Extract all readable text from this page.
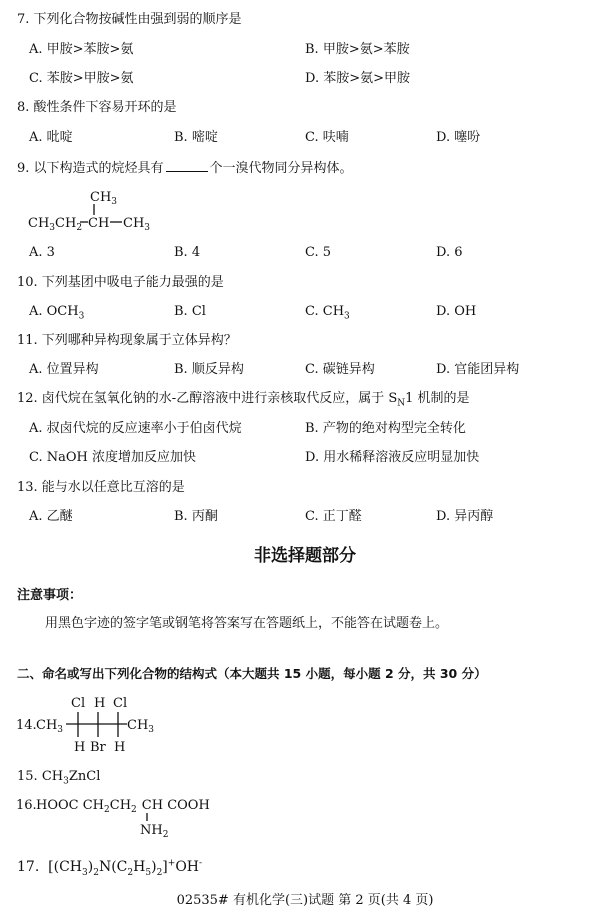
7. 下列化合物按碱性由强到弱的顺序是
A. 甲胺>苯胺>氨	B. 甲胺>氨>苯胺
C. 苯胺>甲胺>氨	D. 苯胺>氨>甲胺
8. 酸性条件下容易开环的是
A. 吡啶	B. 嘧啶	C. 呋喃	D. 噻吩
9. 以下构造式的烷烃具有	个一溴代物同分异构体。
$CH_3$
$CH_3CH_2$ CH $CH_3$
A. 3	B. 4	C. 5	D. 6
10. 下列基团中吸电子能力最强的是
A. $OCH_3$	B. Cl	C. $CH_3$	D. OH
11. 下列哪种异构现象属于立体异构？
A. 位置异构	B. 顺反异构	C. 碳链异构	D. 官能团异构
12. 卤代烷在氢氧化钠的水-乙醇溶液中进行亲核取代反应，属于 $S_N1$ 机制的是
A. 叔卤代烷的反应速率小于伯卤代烷	B. 产物的绝对构型完全转化
C. NaOH 浓度增加反应加快	D. 用水稀释溶液反应明显加快
13. 能与水以任意比互溶的是
A. 乙醚	B. 丙酮	C. 正丁醛	D. 异丙醇
非选择题部分
注意事项：
用黑色字迹的签字笔或钢笔将答案写在答题纸上，不能答在试题卷上。
二、命名或写出下列化合物的结构式（本大题共 15 小题，每小题 2 分，共 30 分）
14. $CH_3$	$CH_3$
Cl H Cl
H Br H
15. $CH_3ZnCl$
16. HOOC $CH_2CH_2$ CH COOH
$NH_2$
17. $[(CH_3)_2N(C_2H_5)_2]^+OH^-$
02535# 有机化学(三)试题 第 2 页(共 4 页)
